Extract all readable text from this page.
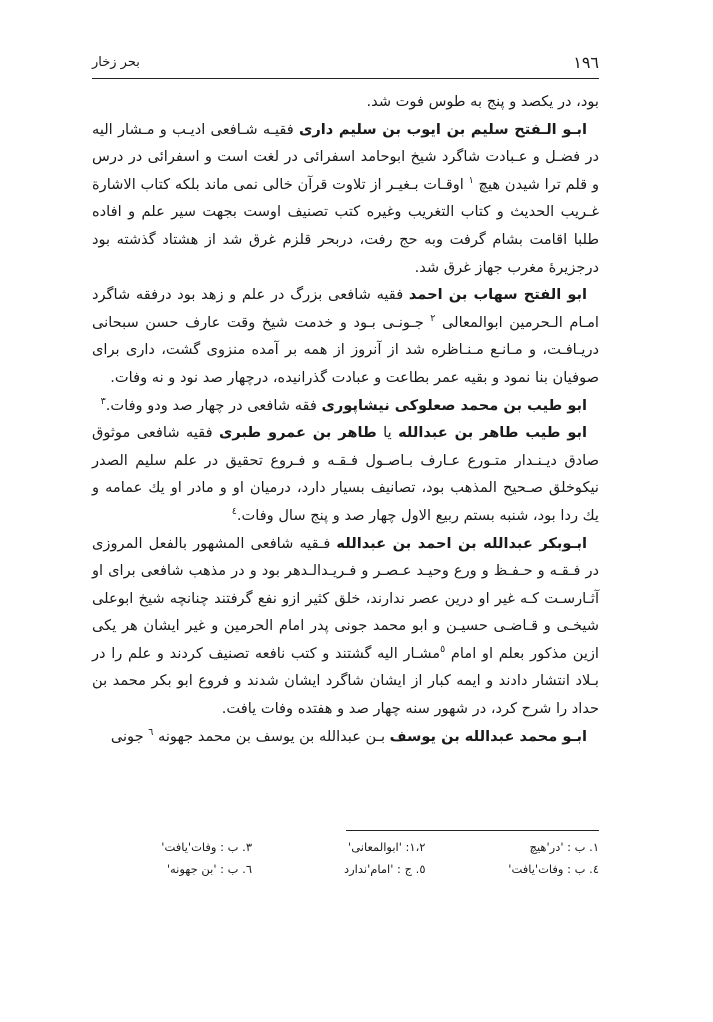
بحر زخار	۱۹٦

بود، در یکصد و پنج به طوس فوت شد.

ابـو الـفتح سلیم بن ایوب بن سلیم داری فقیـه شـافعی ادیـب و مـشار الیه در فضـل و عـبادت شاگرد شیخ ابوحامد اسفرائی در لغت است و اسفرائی در درس و قلم ترا شیدن هیچ $^۱$ اوقـات بـغیـر از تلاوت قرآن خالی نمی ماند بلکه کتاب الاشارة غـریب الحدیث و کتاب التغریب وغیره کتب تصنیف اوست بجهت سیر علم و افاده طلبا اقامت بشام گرفت وبه حج رفت، دربحر قلزم غرق شد از هشتاد گذشته بود درجزیرهٔ مغرب جهاز غرق شد.

ابو الفتح سهاب بن احمد فقیه شافعی بزرگ در علم و زهد بود درفقه شاگرد امـام الـحرمین ابوالمعالی $^۲$ جـونـی بـود و خدمت شیخ وقت عارف حسن سبحانی دریـافـت، و مـانـع مـنـاظره شد از آنروز از همه بر آمده منزوی گشت، داری برای صوفیان بنا نمود و بقیه عمر بطاعت و عبادت گذرانیده، درچهار صد نود و نه وفات.

ابو طیب بن محمد صعلوکی نیشاپوری فقه شافعی در چهار صد ودو وفات.$^۳$

ابو طیب طاهر بن عبدالله یا طاهر بن عمرو طبری فقیه شافعی موثوق صادق دیـنـدار متـورع عـارف بـاصـول فـقـه و فـروع تحقیق در علم سلیم الصدر نیکوخلق صـحیح المذهب بود، تصانیف بسیار دارد، درمیان او و مادر او یك عمامه و یك ردا بود، شنبه بستم ربیع الاول چهار صد و پنج سال وفات.$^٤$

ابـوبکر عبدالله بن احمد بن عبدالله فـقیه شافعی المشهور بالفعل المروزی در فـقـه و حـفـظ و ورع وحیـد عـصـر و فـریـدالـدهر بود و در مذهب شافعی برای او آثـارسـت کـه غیر او درین عصر ندارند، خلق کثیر ازو نفع گرفتند چنانچه شیخ ابوعلی شیخـی و قـاضـی حسیـن و ابو محمد جونی پدر امام الحرمین و غیر ایشان هر یکی ازین مذکور بعلم او امام $^٥$مشـار الیه گشتند و کتب نافعه تصنیف کردند و علم را در بـلاد انتشار دادند و ایمه کبار از ایشان شاگرد ایشان شدند و فروع ابو بکر محمد بن حداد را شرح کرد، در شهور سنه چهار صد و هفتده وفات یافت.

ابـو محمد عبدالله بن یوسف بـن عبدالله بن یوسف بن محمد جهونه $^٦$ جونی

۱. ب : 'در'هیچ
۱،۲: 'ابوالمعانی'
۳. ب : وفات'یافت'
٤. ب : وفات'یافت'
٥. ج : 'امام'ندارد
٦. ب : 'بن جهونه'
